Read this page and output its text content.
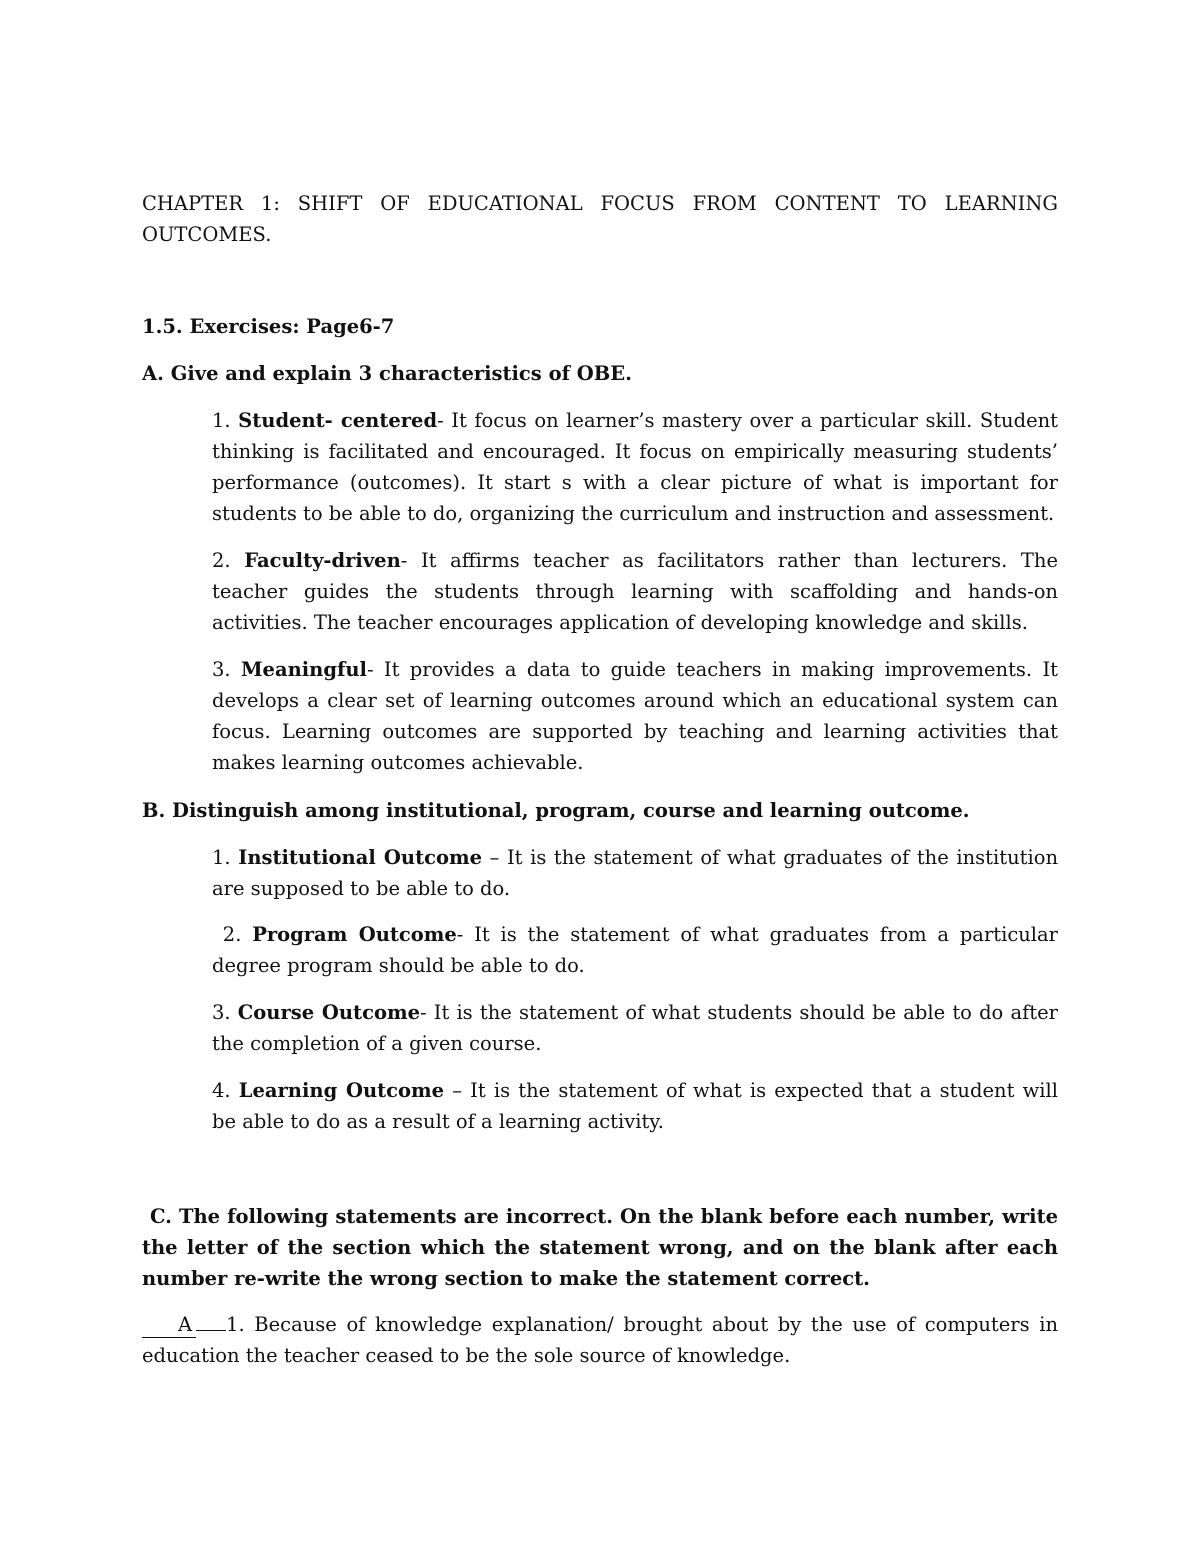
CHAPTER 1: SHIFT OF EDUCATIONAL FOCUS FROM CONTENT TO LEARNING OUTCOMES.
1.5. Exercises: Page6-7
A. Give and explain 3 characteristics of OBE.
1. Student- centered- It focus on learner’s mastery over a particular skill. Student thinking is facilitated and encouraged. It focus on empirically measuring students’ performance (outcomes). It start s with a clear picture of what is important for students to be able to do, organizing the curriculum and instruction and assessment.
2. Faculty-driven- It affirms teacher as facilitators rather than lecturers. The teacher guides the students through learning with scaffolding and hands-on activities. The teacher encourages application of developing knowledge and skills.
3. Meaningful- It provides a data to guide teachers in making improvements. It develops a clear set of learning outcomes around which an educational system can focus. Learning outcomes are supported by teaching and learning activities that makes learning outcomes achievable.
B. Distinguish among institutional, program, course and learning outcome.
1. Institutional Outcome – It is the statement of what graduates of the institution are supposed to be able to do.
2. Program Outcome- It is the statement of what graduates from a particular degree program should be able to do.
3. Course Outcome- It is the statement of what students should be able to do after the completion of a given course.
4. Learning Outcome – It is the statement of what is expected that a student will be able to do as a result of a learning activity.
C. The following statements are incorrect. On the blank before each number, write the letter of the section which the statement wrong, and on the blank after each number re-write the wrong section to make the statement correct.
A 1. Because of knowledge explanation/ brought about by the use of computers in education the teacher ceased to be the sole source of knowledge.
